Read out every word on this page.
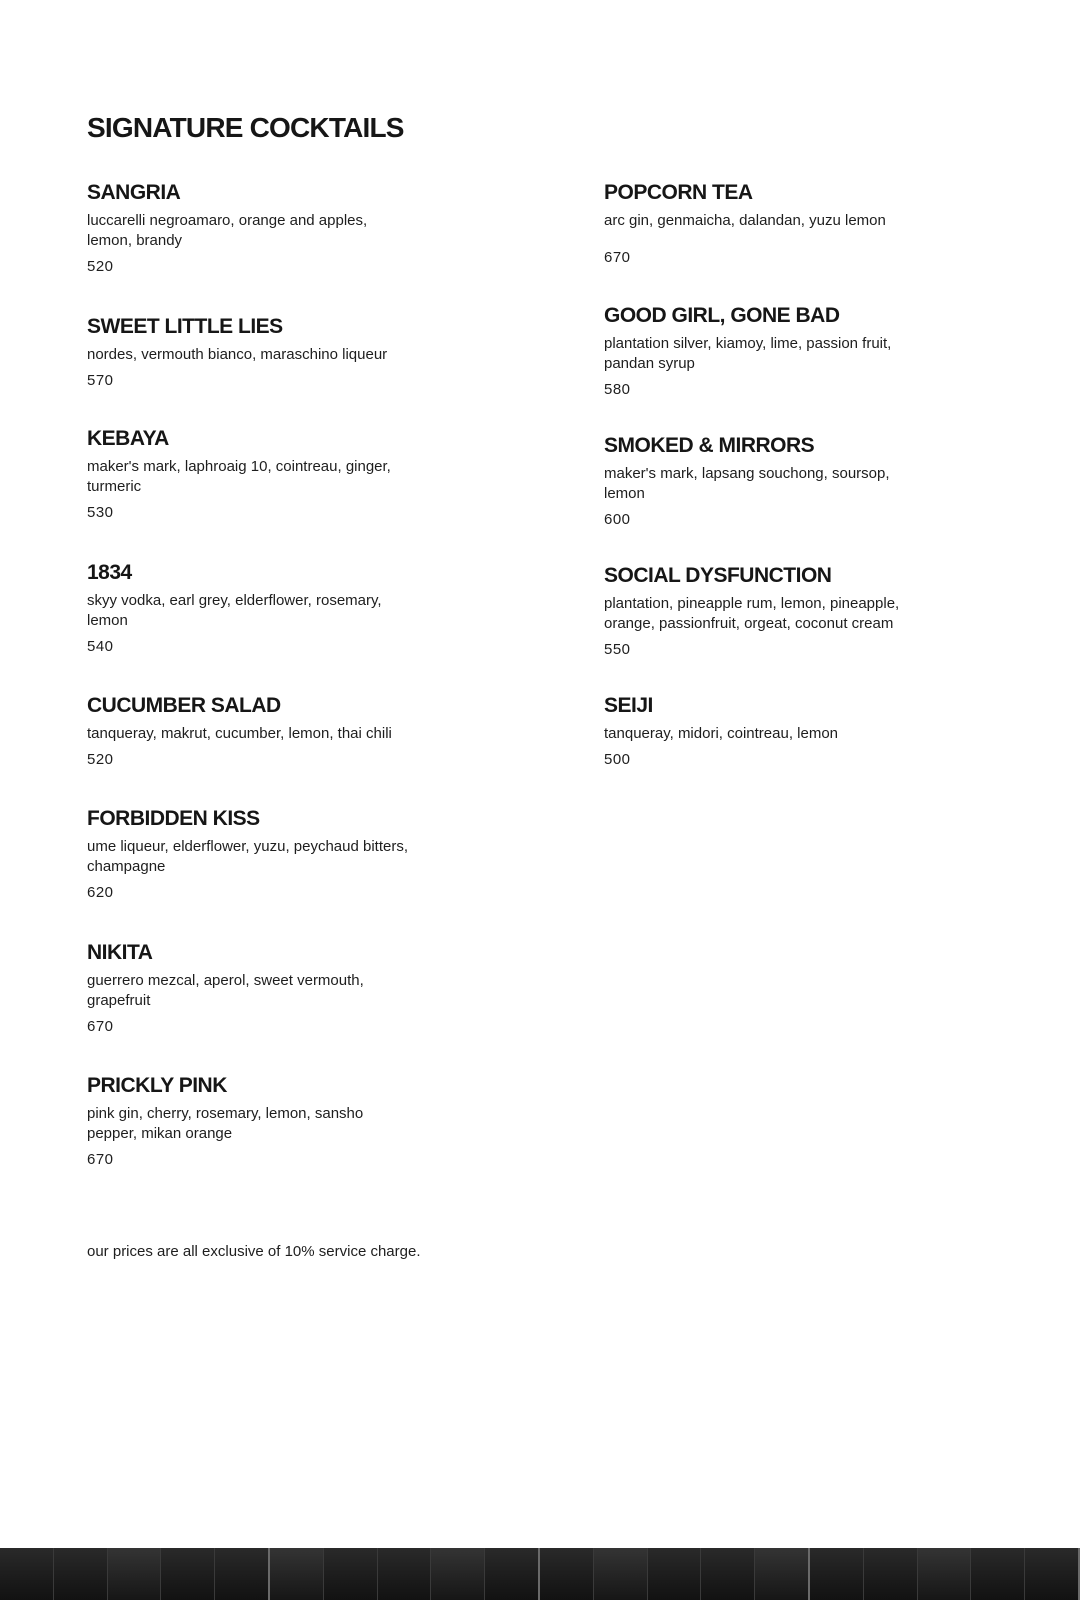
SIGNATURE COCKTAILS
SANGRIA

luccarelli negroamaro, orange and apples,
lemon, brandy

520

SWEET LITTLE LIES

nordes, vermouth bianco, maraschino liqueur

570

KEBAYA

maker's mark, laphroaig 10, cointreau, ginger,
turmeric

530

1834

skyy vodka, earl grey, elderflower, rosemary,
lemon

540

CUCUMBER SALAD

tanqueray, makrut, cucumber, lemon, thai chili

520

FORBIDDEN KISS

ume liqueur, elderflower, yuzu, peychaud bitters,
champagne

620

NIKITA

guerrero mezcal, aperol, sweet vermouth,
grapefruit

670

PRICKLY PINK

pink gin, cherry, rosemary, lemon, sansho
pepper, mikan orange

670

POPCORN TEA

arc gin, genmaicha, dalandan, yuzu lemon

670

GOOD GIRL, GONE BAD

plantation silver, kiamoy, lime, passion fruit,
pandan syrup

580

SMOKED & MIRRORS

maker's mark, lapsang souchong, soursop,
lemon

600

SOCIAL DYSFUNCTION

plantation, pineapple rum, lemon, pineapple,
orange, passionfruit, orgeat, coconut cream

550

SEIJI

tanqueray, midori, cointreau, lemon

500

our prices are all exclusive of 10% service charge.
